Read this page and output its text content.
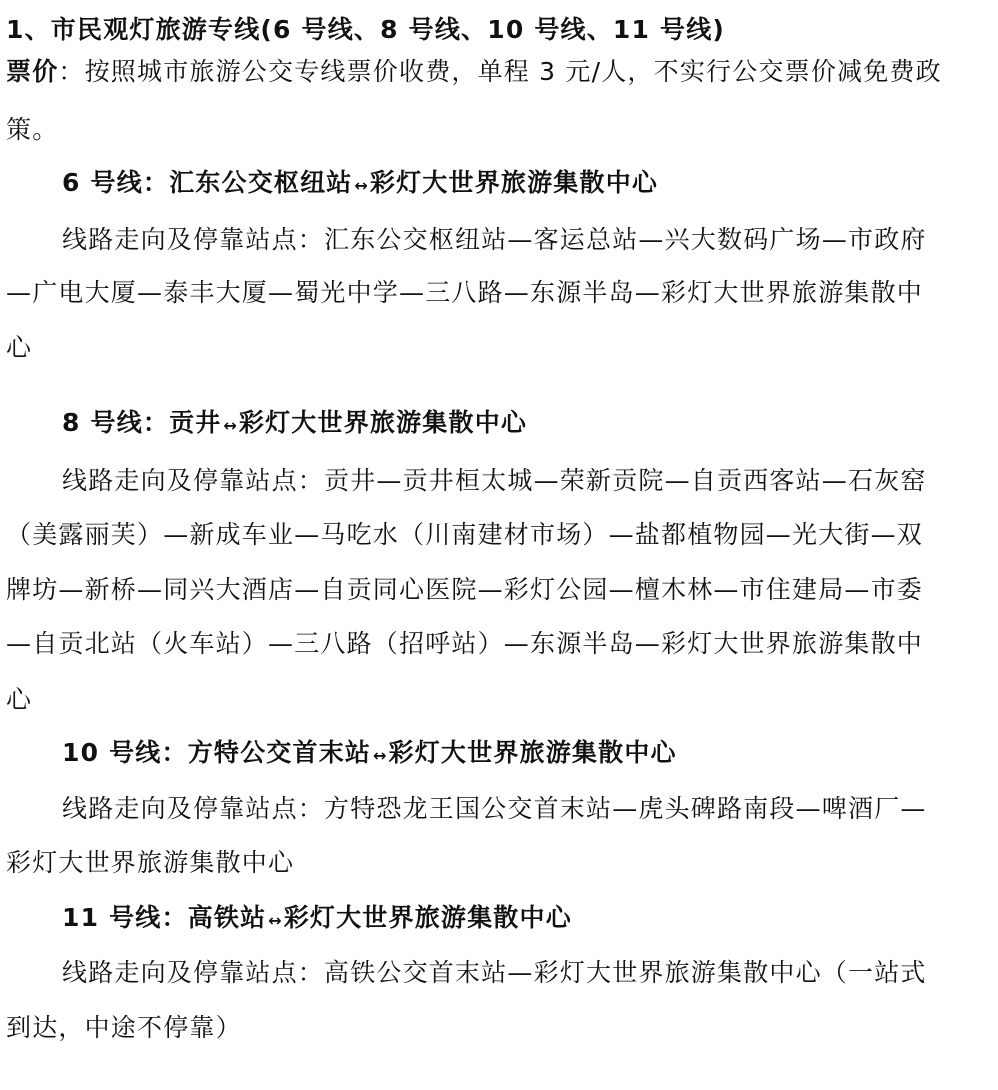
1、市民观灯旅游专线(6 号线、8 号线、10 号线、11 号线)
票价：按照城市旅游公交专线票价收费，单程 3 元/人，不实行公交票价减免费政
策。
6 号线：汇东公交枢纽站 ↔彩灯大世界旅游集散中心
线路走向及停靠站点：汇东公交枢纽站—客运总站—兴大数码广场—市政府
—广电大厦—泰丰大厦—蜀光中学—三八路—东源半岛—彩灯大世界旅游集散中
心
8 号线：贡井 ↔彩灯大世界旅游集散中心
线路走向及停靠站点：贡井—贡井桓太城—荣新贡院—自贡西客站—石灰窑
（美露丽芙）—新成车业—马吃水（川南建材市场）—盐都植物园—光大街—双
牌坊—新桥—同兴大酒店—自贡同心医院—彩灯公园—檀木林—市住建局—市委
—自贡北站（火车站）—三八路（招呼站）—东源半岛—彩灯大世界旅游集散中
心
10 号线：方特公交首末站 ↔彩灯大世界旅游集散中心
线路走向及停靠站点：方特恐龙王国公交首末站—虎头碑路南段—啤酒厂—
彩灯大世界旅游集散中心
11 号线：高铁站 ↔彩灯大世界旅游集散中心
线路走向及停靠站点：高铁公交首末站—彩灯大世界旅游集散中心（一站式
到达，中途不停靠）
